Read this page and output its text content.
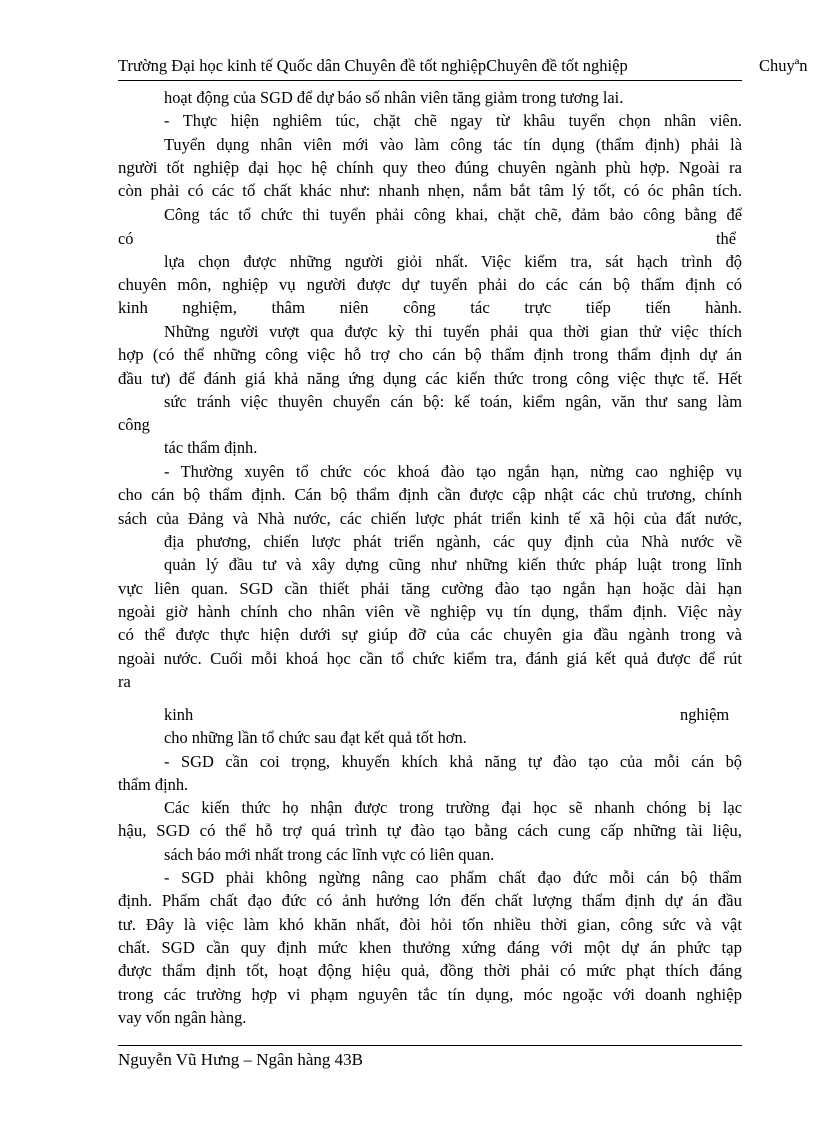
Trường Đại học kinh tế Quốc dân Chuyên đề tốt nghiệpChuyên đề tốt nghiệp	Chuyªn
hoạt động của SGD để dự báo số nhân viên tăng giảm trong tương lai.
- Thực hiện nghiêm túc, chặt chẽ ngay từ khâu tuyển chọn nhân viên.
Tuyển dụng nhân viên mới vào làm công tác tín dụng (thẩm định) phải là
người tốt nghiệp đại học hệ chính quy theo đúng chuyên ngành phù hợp. Ngoài ra
còn phải có các tố chất khác như: nhanh nhẹn, nắm bắt tâm lý tốt, có óc phân tích.
Công tác tổ chức thi tuyển phải công khai, chặt chẽ, đảm bảo công bằng để
có	thể
lựa chọn được những người giỏi nhất. Việc kiểm tra, sát hạch trình độ
chuyên môn, nghiệp vụ người được dự tuyển phải do các cán bộ thẩm định có
kinh nghiệm, thâm niên công tác trực tiếp tiến hành.
Những người vượt qua được kỳ thi tuyển phải qua thời gian thử việc thích
hợp (có thể những công việc hỗ trợ cho cán bộ thẩm định trong thẩm định dự án
đầu tư) để đánh giá khả năng ứng dụng các kiến thức trong công việc thực tế. Hết
sức tránh việc thuyên chuyển cán bộ: kế toán, kiểm ngân, văn thư sang làm
công
tác thẩm định.
- Thường xuyên tổ chức cóc khoá đào tạo ngắn hạn, nừng cao nghiệp vụ
cho cán bộ thẩm định. Cán bộ thẩm định cần được cập nhật các chủ trương, chính
sách của Đảng và Nhà nước, các chiến lược phát triển kinh tế xã hội của đất nước,
địa phương, chiến lược phát triển ngành, các quy định của Nhà nước về
quản lý đầu tư và xây dựng cũng như những kiến thức pháp luật trong lĩnh
vực liên quan. SGD cần thiết phải tăng cường đào tạo ngắn hạn hoặc dài hạn
ngoài giờ hành chính cho nhân viên về nghiệp vụ tín dụng, thẩm định. Việc này
có thể được thực hiện dưới sự giúp đỡ của các chuyên gia đầu ngành trong và
ngoài nước. Cuối mỗi khoá học cần tổ chức kiểm tra, đánh giá kết quả được để rút
ra
kinh	nghiệm
cho những lần tổ chức sau đạt kết quả tốt hơn.
- SGD cần coi trọng, khuyến khích khả năng tự đào tạo của mỗi cán bộ
thẩm định.
Các kiến thức họ nhận được trong trường đại học sẽ nhanh chóng bị lạc
hậu, SGD có thể hỗ trợ quá trình tự đào tạo bằng cách cung cấp những tài liệu,
sách báo mới nhất trong các lĩnh vực có liên quan.
- SGD phải không ngừng nâng cao phẩm chất đạo đức mỗi cán bộ thẩm
định. Phẩm chất đạo đức có ảnh hưởng lớn đến chất lượng thẩm định dự án đầu
tư. Đây là việc làm khó khăn nhất, đòi hỏi tốn nhiều thời gian, công sức và vật
chất. SGD cần quy định mức khen thưởng xứng đáng với một dự án phức tạp
được thẩm định tốt, hoạt động hiệu quả, đồng thời phải có mức phạt thích đáng
trong các trường hợp vi phạm nguyên tắc tín dụng, móc ngoặc với doanh nghiệp
vay vốn ngân hàng.
Nguyễn Vũ Hưng – Ngân hàng 43B
